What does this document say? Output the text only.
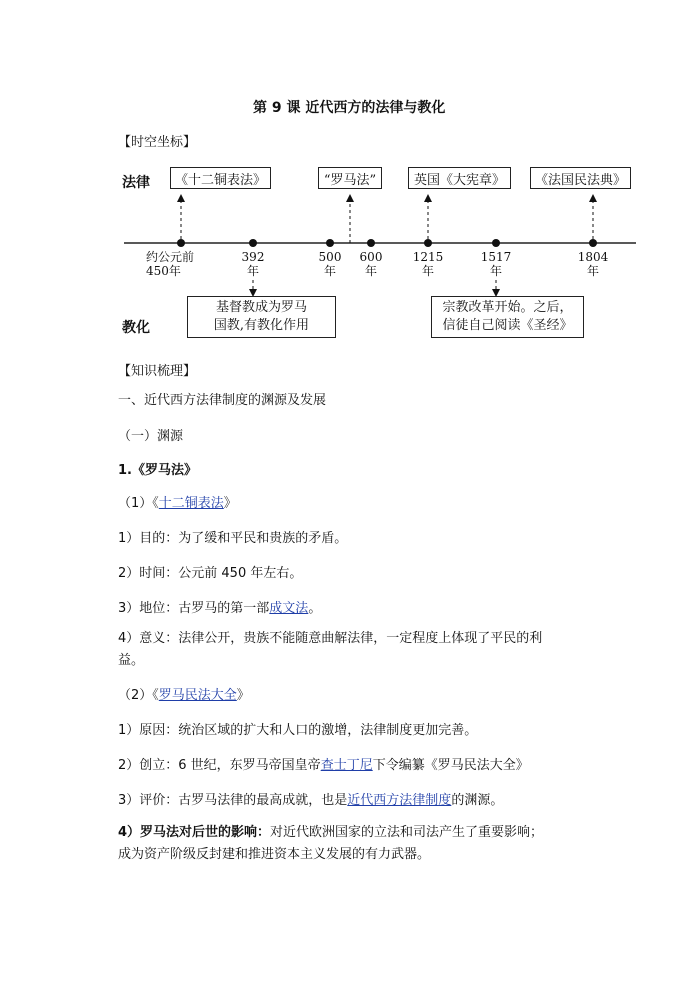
第 9 课 近代西方的法律与教化
【时空坐标】
法律
教化
《十二铜表法》	“罗马法”	英国《大宪章》	《法国民法典》
基督教成为罗马
国教,有教化作用
宗教改革开始。之后，
信徒自己阅读《圣经》
约公元前
450年
392
年
500
年
600
年
1215
年
1517
年
1804
年
【知识梳理】
一、近代西方法律制度的渊源及发展
（一）渊源
1.《罗马法》
（1）《十二铜表法》
1）目的：为了缓和平民和贵族的矛盾。
2）时间：公元前 450 年左右。
3）地位：古罗马的第一部成文法。
4）意义：法律公开，贵族不能随意曲解法律，一定程度上体现了平民的利
益。
（2）《罗马民法大全》
1）原因：统治区域的扩大和人口的激增，法律制度更加完善。
2）创立：6 世纪，东罗马帝国皇帝查士丁尼下令编纂《罗马民法大全》
3）评价：古罗马法律的最高成就，也是近代西方法律制度的渊源。
4）罗马法对后世的影响：对近代欧洲国家的立法和司法产生了重要影响；
成为资产阶级反封建和推进资本主义发展的有力武器。
